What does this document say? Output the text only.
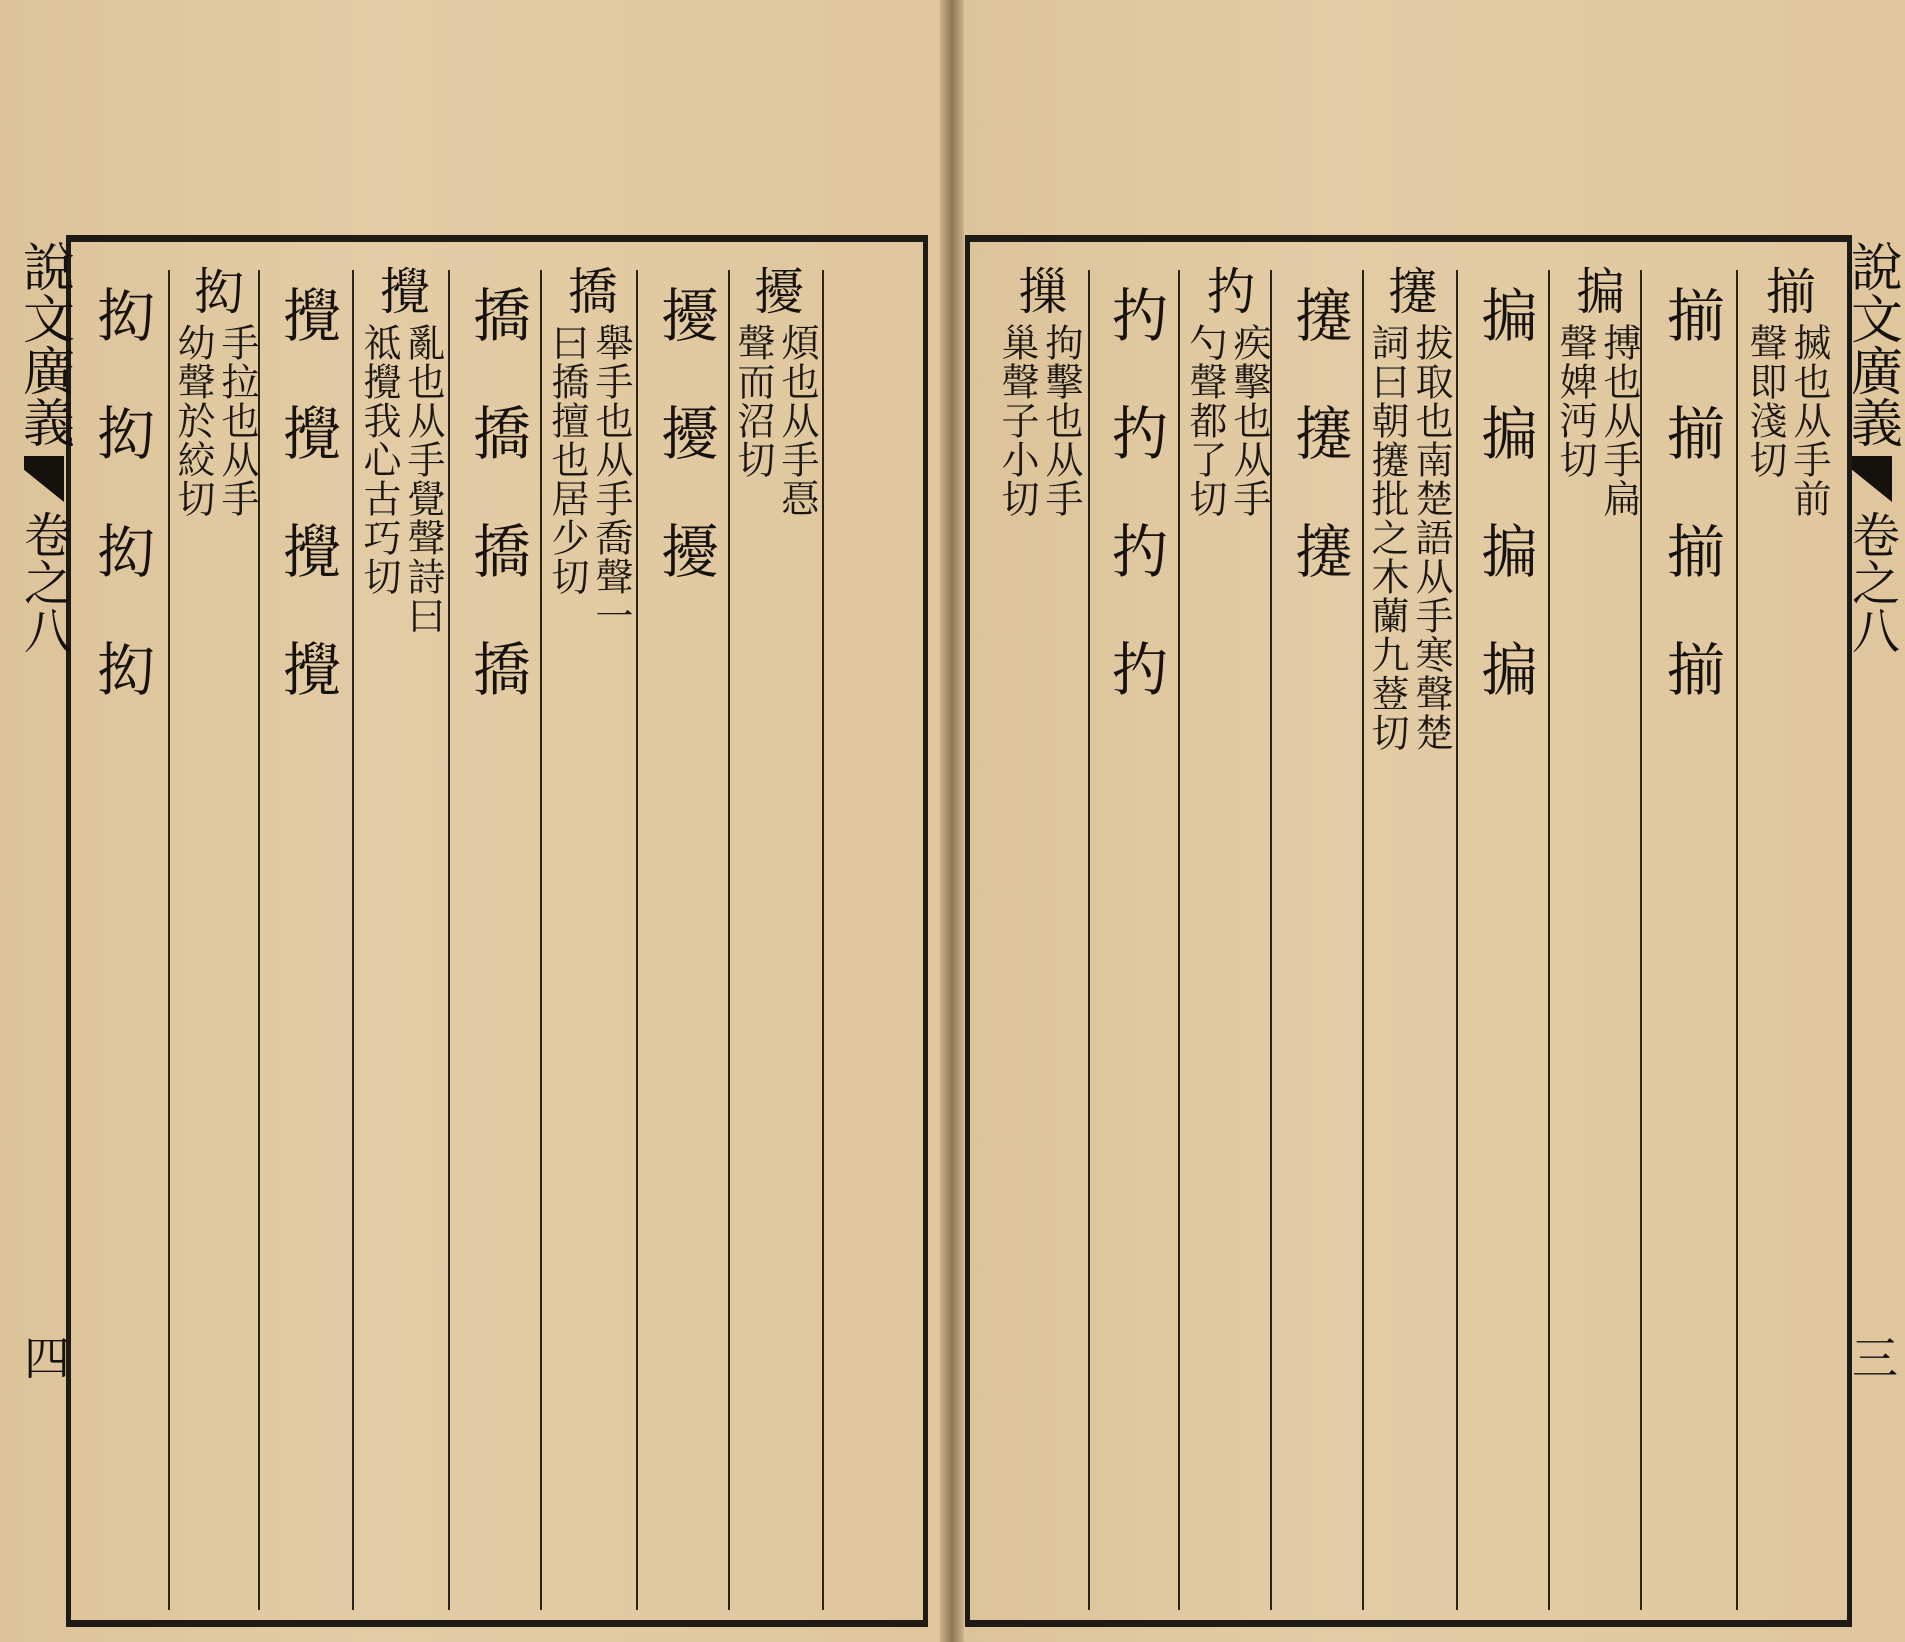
說文廣義
卷之八
四
擾
煩也从手㥑
聲而沼切
擾擾擾
撟
舉手也从手喬聲一
曰撟擅也居少切
撟撟撟撟
攪
亂也从手覺聲詩曰
祗攪我心古巧切
攪攪攪攪
抝
手拉也从手
幼聲於絞切
抝抝抝抝	說文廣義
卷之八
三
揃
搣也从手前
聲即淺切
揃揃揃揃
揙
搏也从手扁
聲婢沔切
揙揙揙揙
攓
拔取也南楚語从手寒聲楚
詞曰朝攓批之木蘭九䔲切
攓攓攓
扚
疾擊也从手
勺聲都了切
扚扚扚扚
摷
拘擊也从手
巢聲子小切
